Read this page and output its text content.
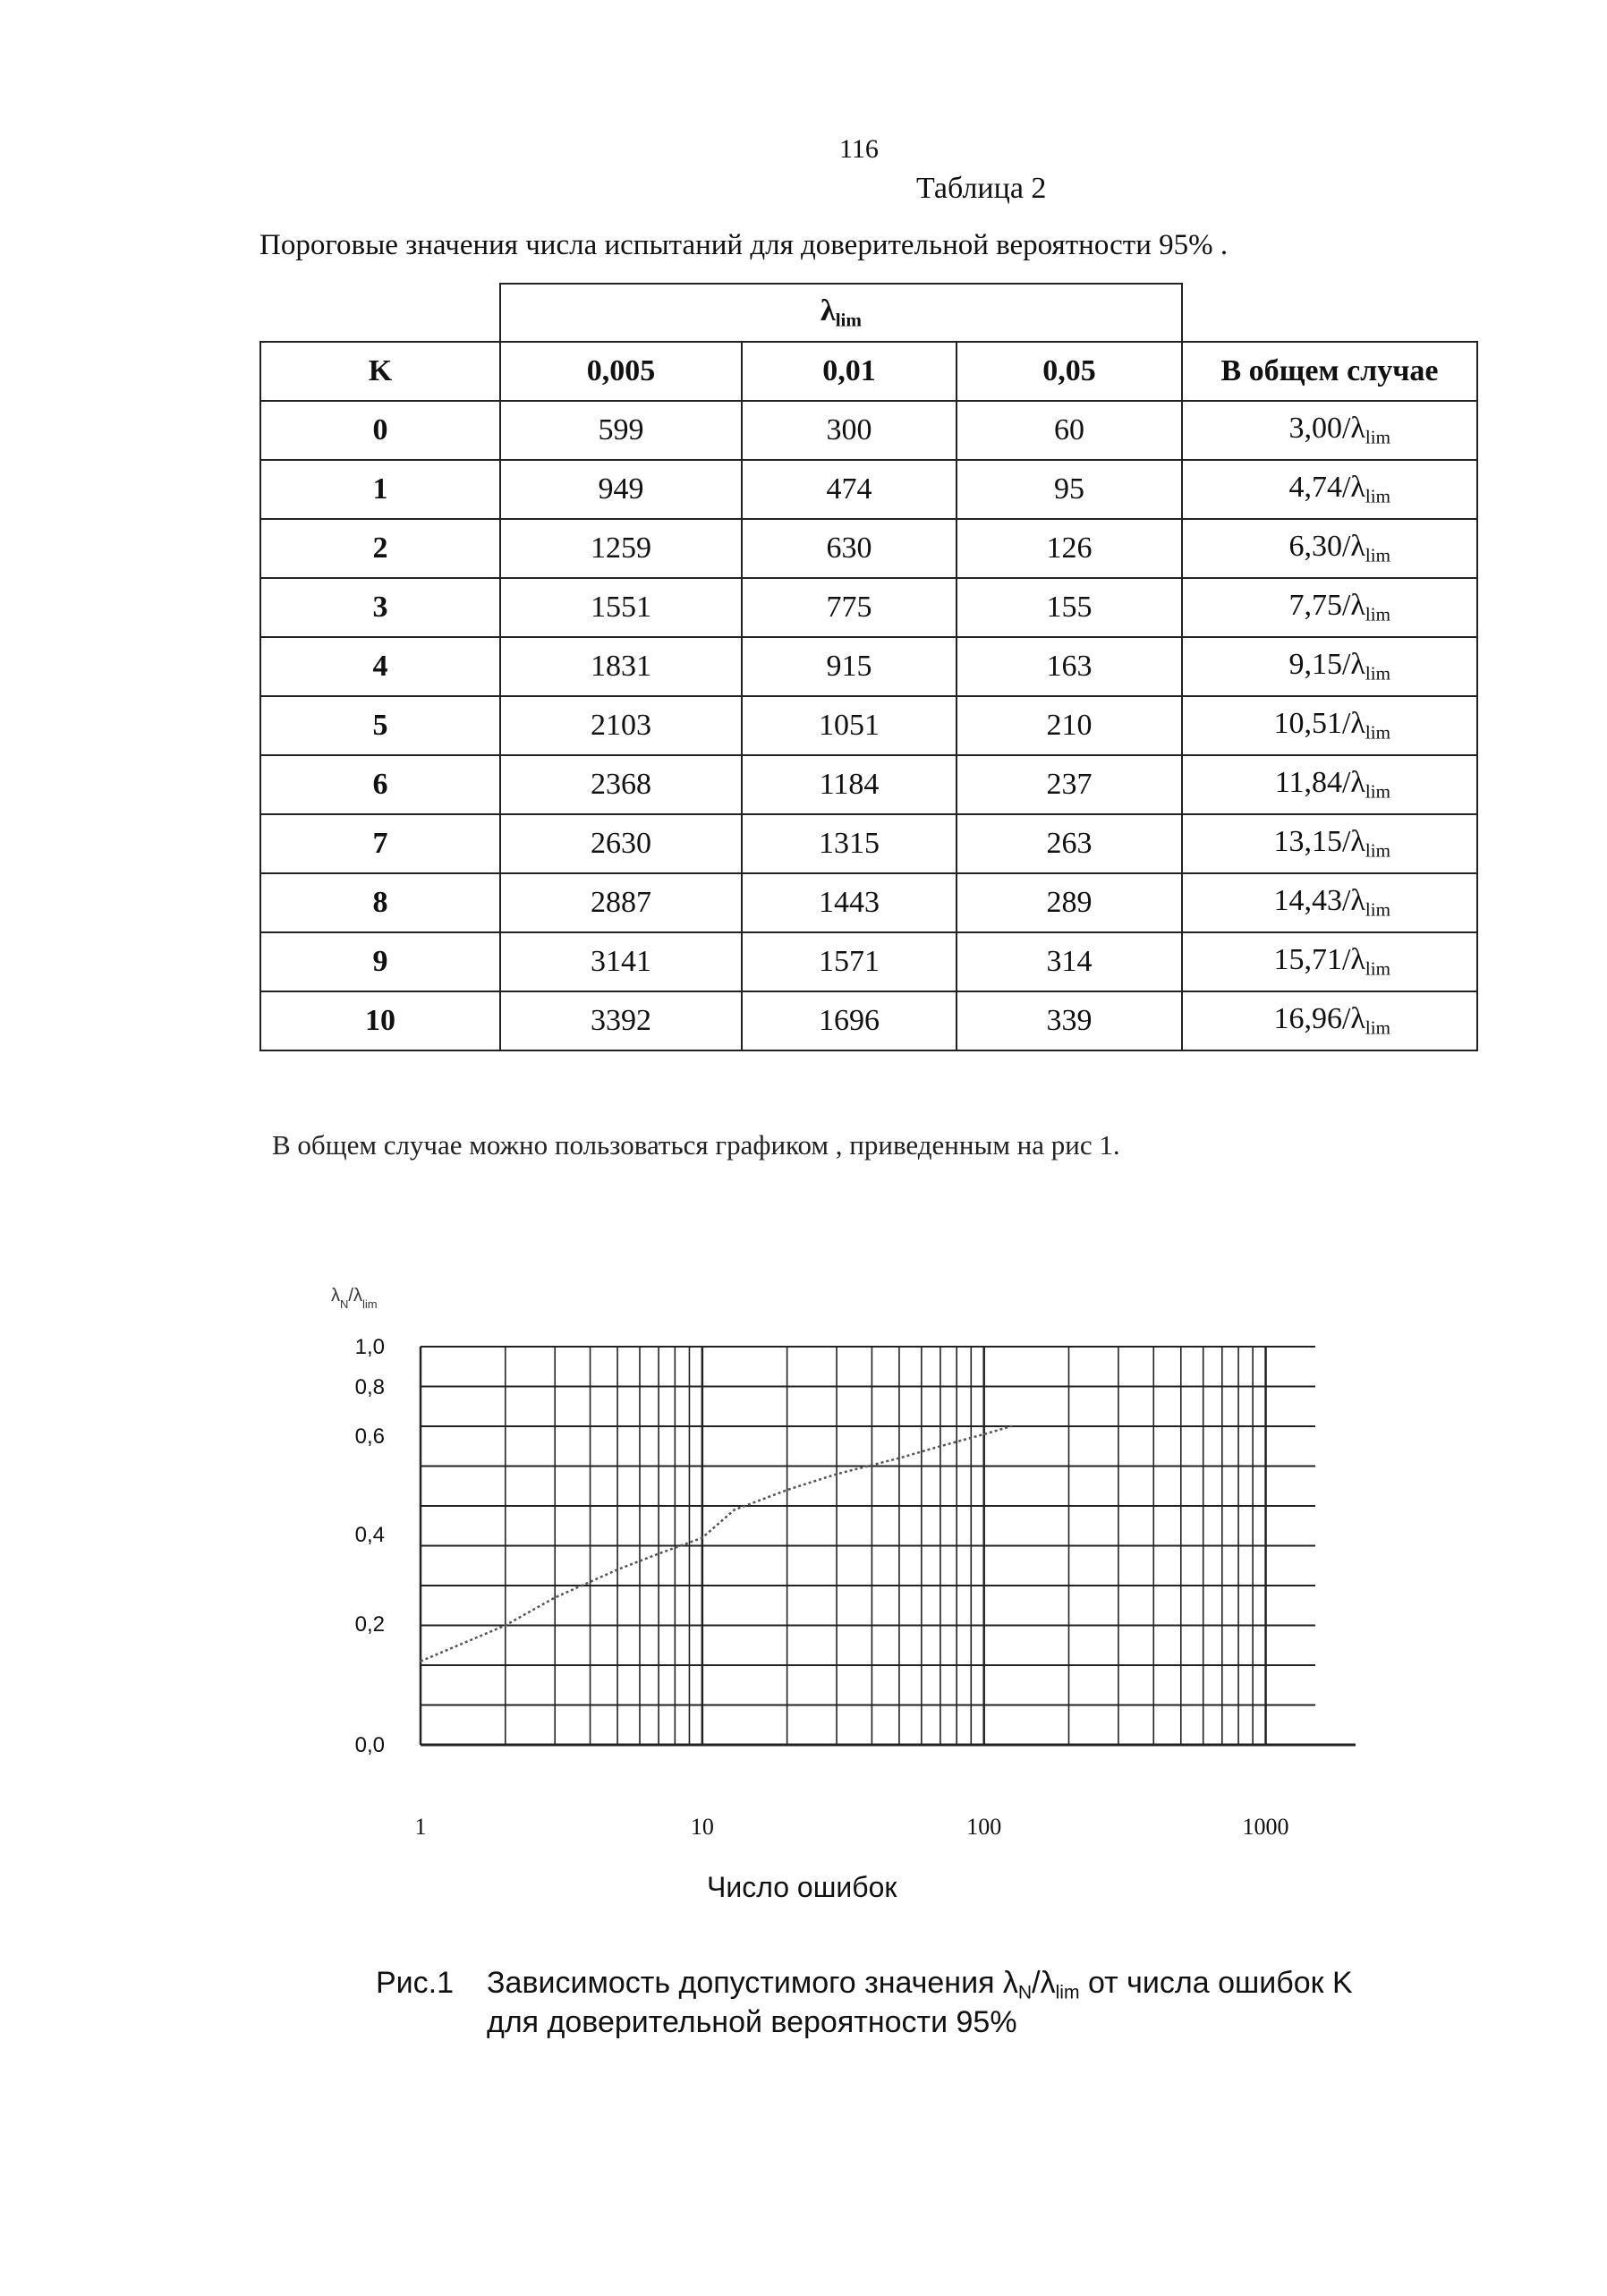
116
Таблица 2
Пороговые значения числа испытаний для доверительной вероятности 95% .
	$\lambda_{lim}$	
K	0,005	0,01	0,05	В общем случае
0	599	300	60	$3,00/\lambda_{lim}$
1	949	474	95	$4,74/\lambda_{lim}$
2	1259	630	126	$6,30/\lambda_{lim}$
3	1551	775	155	$7,75/\lambda_{lim}$
4	1831	915	163	$9,15/\lambda_{lim}$
5	2103	1051	210	$10,51/\lambda_{lim}$
6	2368	1184	237	$11,84/\lambda_{lim}$
7	2630	1315	263	$13,15/\lambda_{lim}$
8	2887	1443	289	$14,43/\lambda_{lim}$
9	3141	1571	314	$15,71/\lambda_{lim}$
10	3392	1696	339	$16,96/\lambda_{lim}$
В общем случае можно пользоваться графиком , приведенным на рис 1.
1,0
0,8
0,6
0,4
0,2
0,0
1	10	100	1000
$\lambda_N/\lambda_{lim}$
Число ошибок
Рис.1 Зависимость допустимого значения $\lambda_N/\lambda_{lim}$ от числа ошибок K
для доверительной вероятности 95%
